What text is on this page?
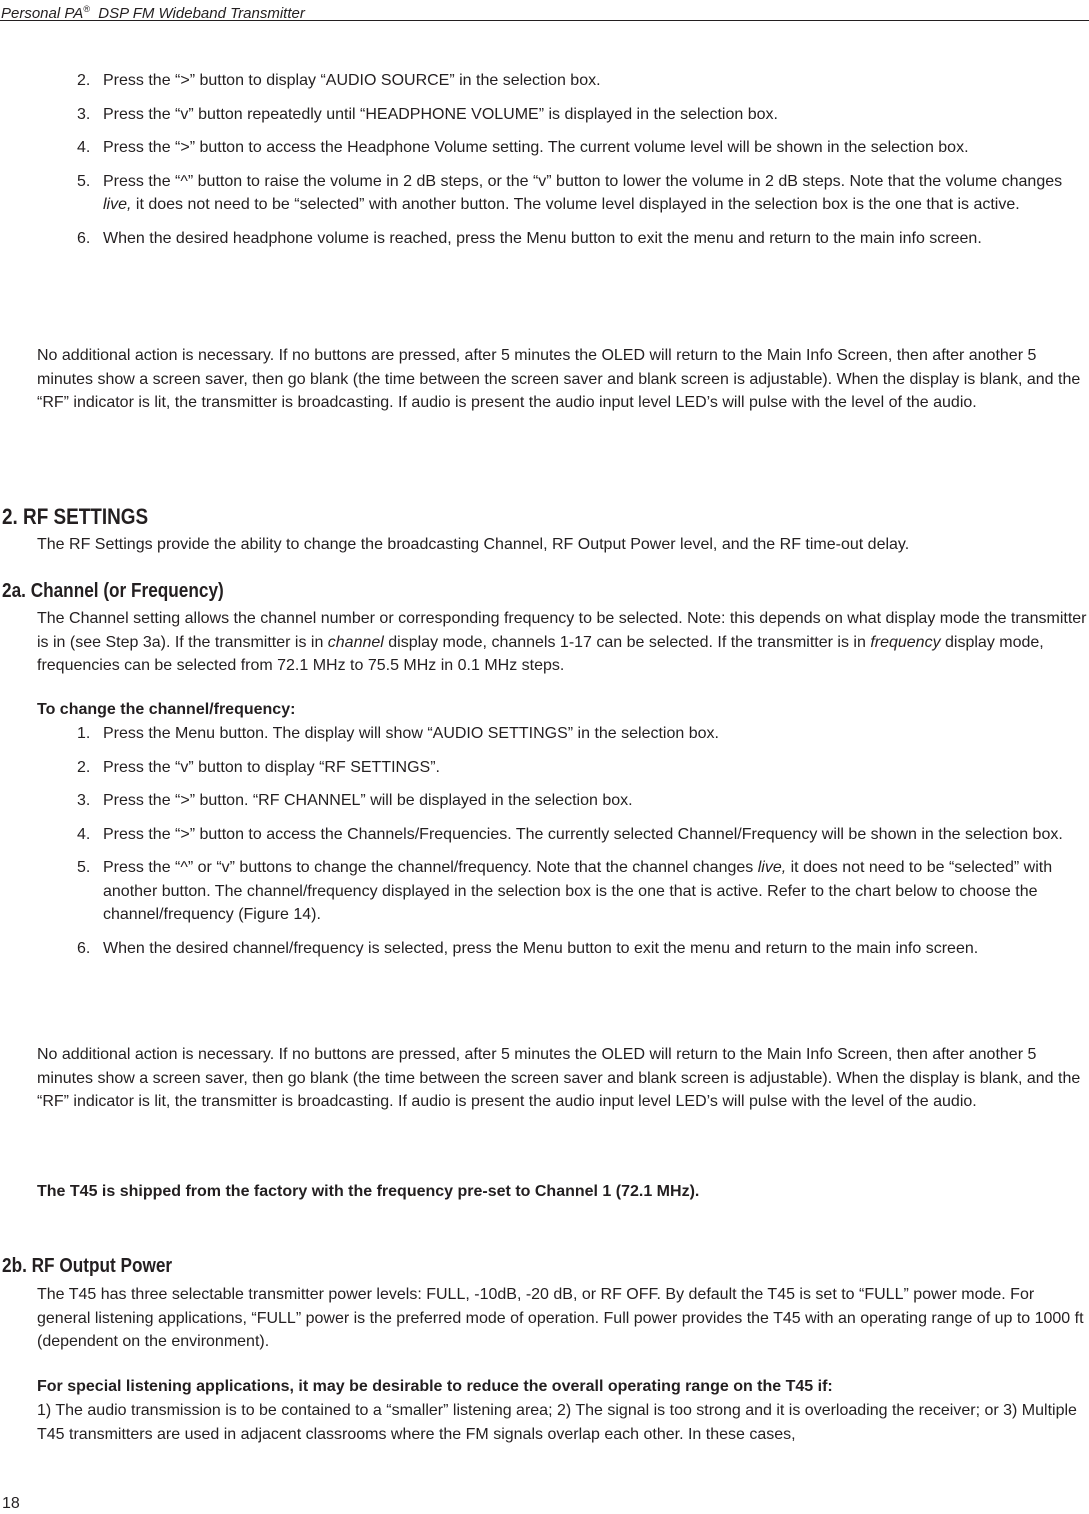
Personal PA®  DSP FM Wideband Transmitter
2. Press the “>” button to display “AUDIO SOURCE” in the selection box.
3. Press the “v” button repeatedly until “HEADPHONE VOLUME” is displayed in the selection box.
4. Press the “>” button to access the Headphone Volume setting. The current volume level will be shown in the selection box.
5. Press the “^” button to raise the volume in 2 dB steps, or the “v” button to lower the volume in 2 dB steps. Note that the volume changes live, it does not need to be “selected” with another button. The volume level displayed in the selection box is the one that is active.
6. When the desired headphone volume is reached, press the Menu button to exit the menu and return to the main info screen.

No additional action is necessary. If no buttons are pressed, after 5 minutes the OLED will return to the Main Info Screen, then after another 5 minutes show a screen saver, then go blank (the time between the screen saver and blank screen is adjustable). When the display is blank, and the “RF” indicator is lit, the transmitter is broadcasting. If audio is present the audio input level LED’s will pulse with the level of the audio.

2. RF SETTINGS

The RF Settings provide the ability to change the broadcasting Channel, RF Output Power level, and the RF time-out delay.

2a. Channel (or Frequency)

The Channel setting allows the channel number or corresponding frequency to be selected. Note: this depends on what display mode the transmitter is in (see Step 3a). If the transmitter is in channel display mode, channels 1-17 can be selected. If the transmitter is in frequency display mode, frequencies can be selected from 72.1 MHz to 75.5 MHz in 0.1 MHz steps.

To change the channel/frequency:

1. Press the Menu button. The display will show “AUDIO SETTINGS” in the selection box.
2. Press the “v” button to display “RF SETTINGS”.
3. Press the “>” button. “RF CHANNEL” will be displayed in the selection box.
4. Press the “>” button to access the Channels/Frequencies. The currently selected Channel/Frequency will be shown in the selection box.
5. Press the “^” or “v” buttons to change the channel/frequency. Note that the channel changes live, it does not need to be “selected” with another button. The channel/frequency displayed in the selection box is the one that is active. Refer to the chart below to choose the channel/frequency (Figure 14).
6. When the desired channel/frequency is selected, press the Menu button to exit the menu and return to the main info screen.

No additional action is necessary. If no buttons are pressed, after 5 minutes the OLED will return to the Main Info Screen, then after another 5 minutes show a screen saver, then go blank (the time between the screen saver and blank screen is adjustable). When the display is blank, and the “RF” indicator is lit, the transmitter is broadcasting. If audio is present the audio input level LED’s will pulse with the level of the audio.

The T45 is shipped from the factory with the frequency pre-set to Channel 1 (72.1 MHz).

2b. RF Output Power

The T45 has three selectable transmitter power levels: FULL, -10dB, -20 dB, or RF OFF. By default the T45 is set to “FULL” power mode. For general listening applications, “FULL” power is the preferred mode of operation. Full power provides the T45 with an operating range of up to 1000 ft (dependent on the environment).

For special listening applications, it may be desirable to reduce the overall operating range on the T45 if:

1) The audio transmission is to be contained to a “smaller” listening area; 2) The signal is too strong and it is overloading the receiver; or 3) Multiple T45 transmitters are used in adjacent classrooms where the FM signals overlap each other. In these cases,

18
